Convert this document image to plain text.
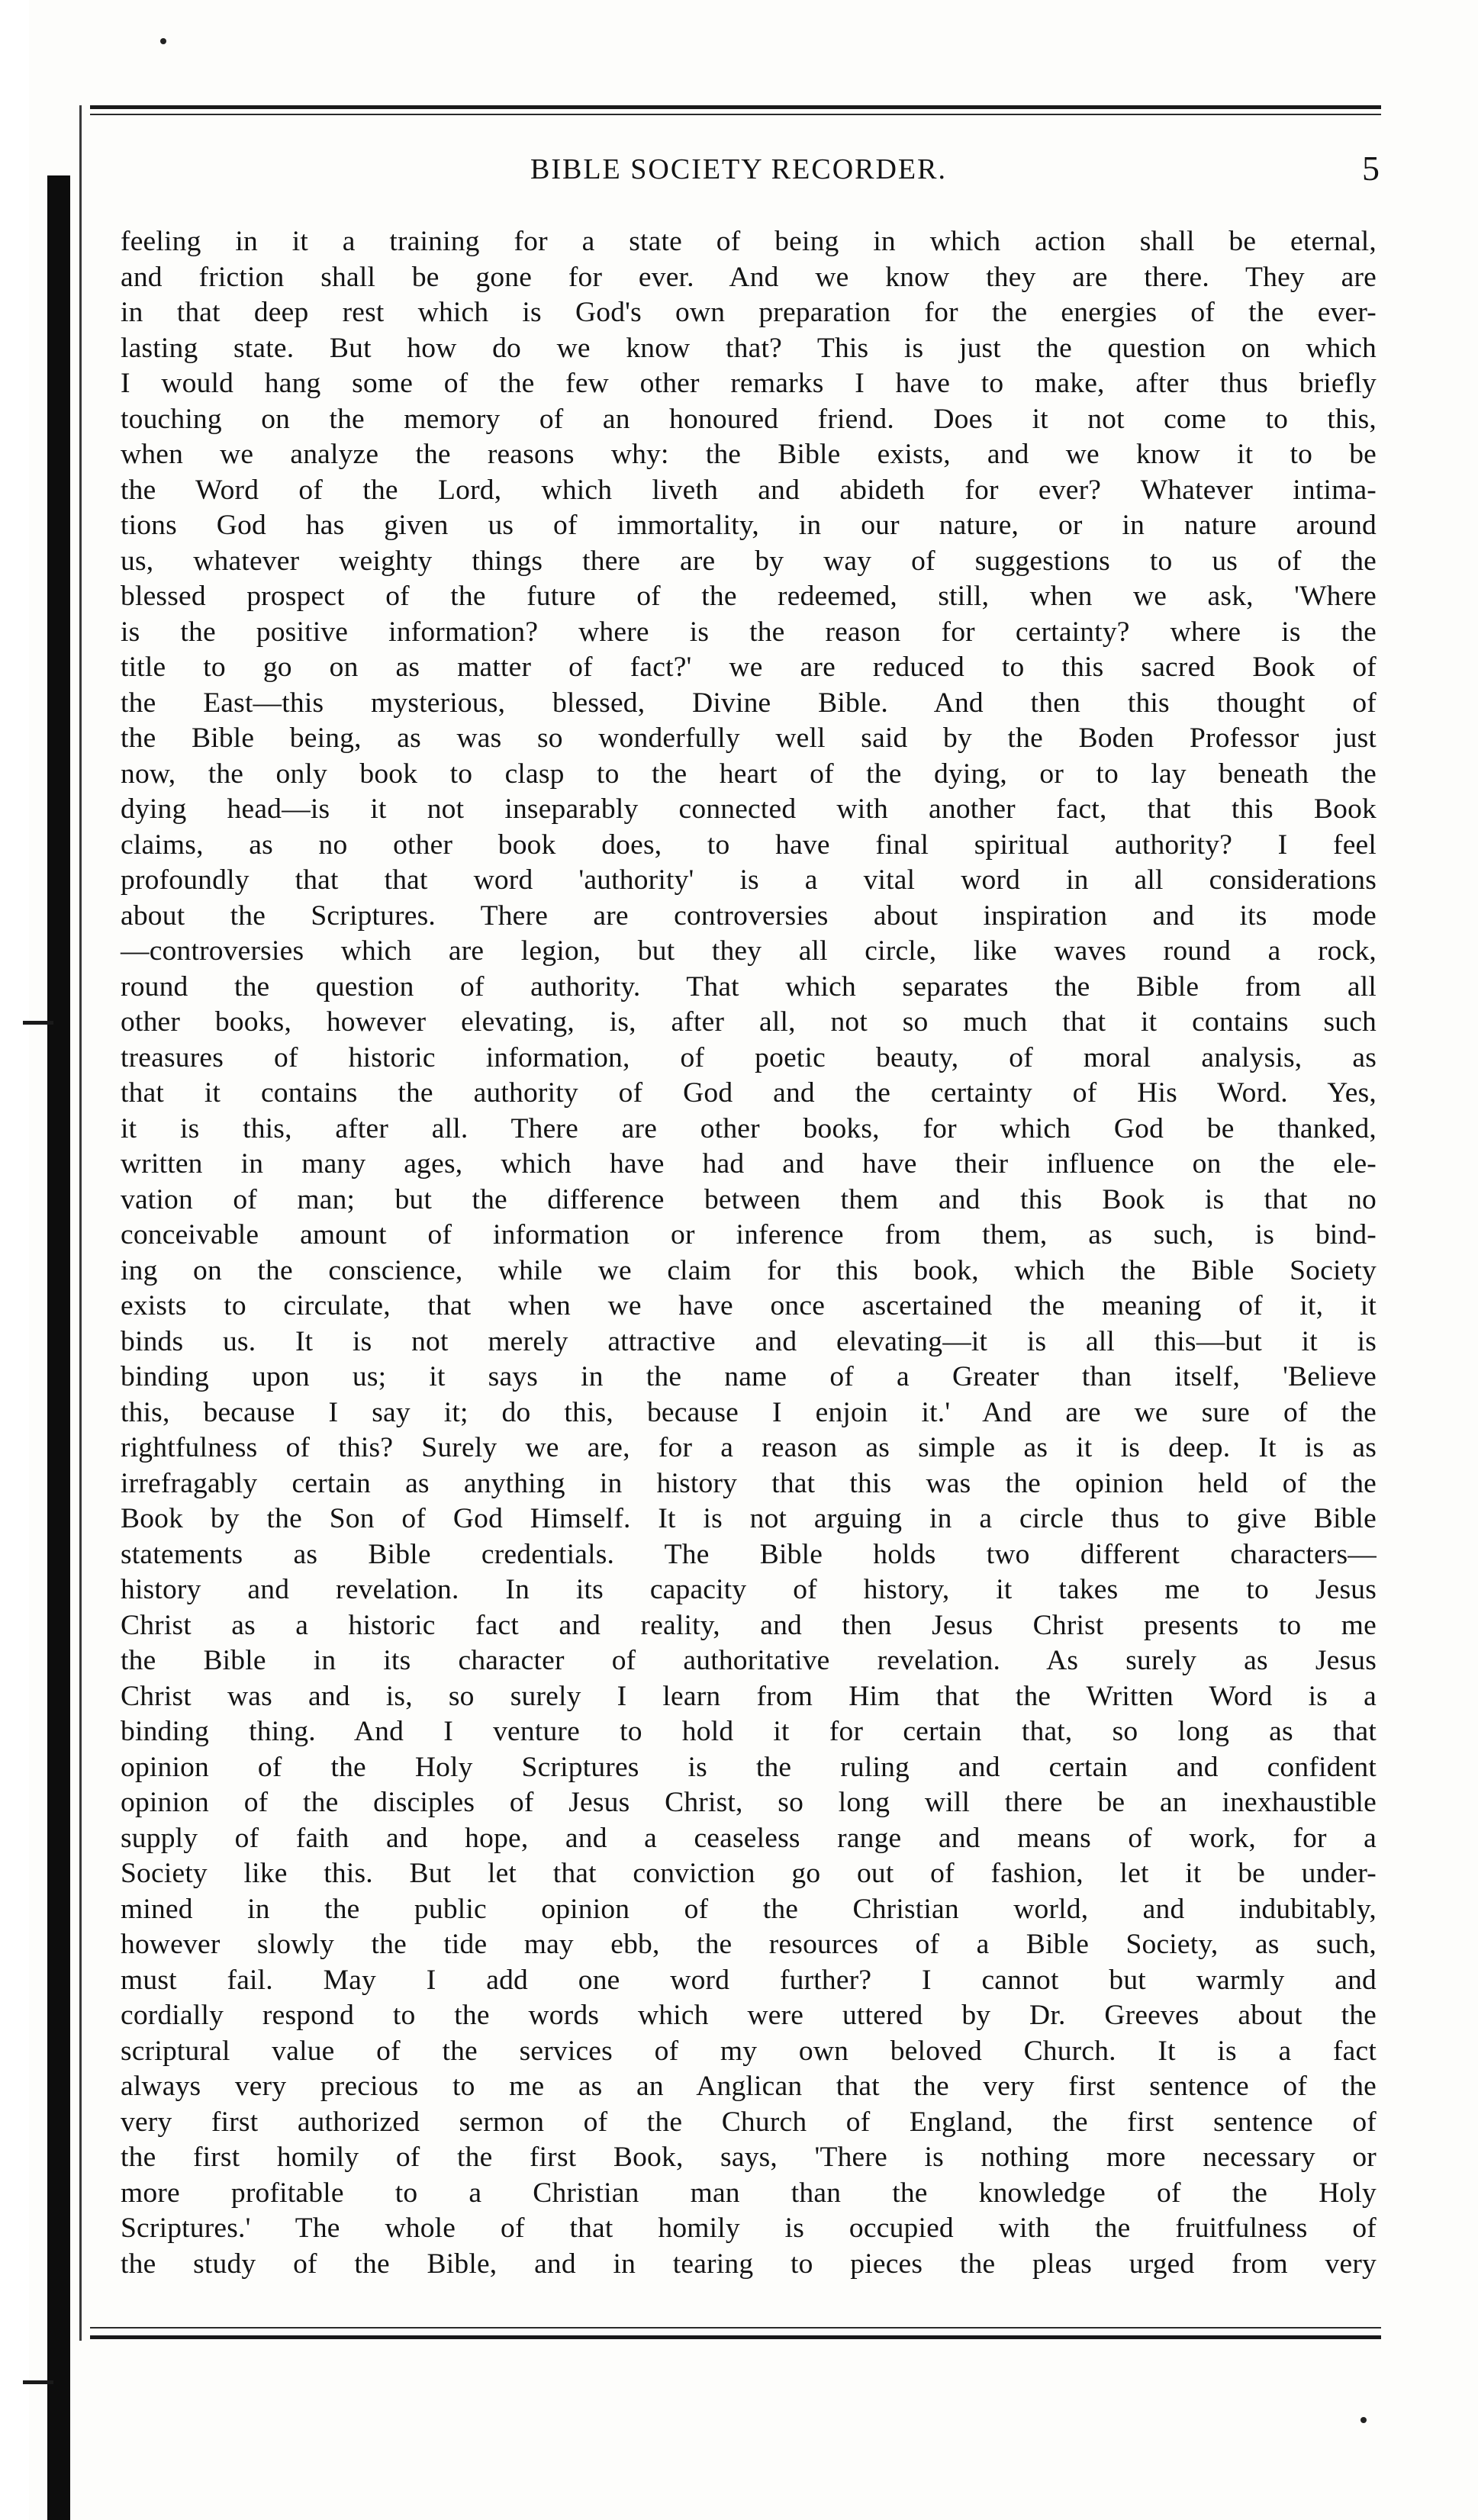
BIBLE SOCIETY RECORDER.	5
feeling in it a training for a state of being in which action shall be eternal,
and friction shall be gone for ever. And we know they are there. They are
in that deep rest which is God's own preparation for the energies of the ever-
lasting state. But how do we know that? This is just the question on which
I would hang some of the few other remarks I have to make, after thus briefly
touching on the memory of an honoured friend. Does it not come to this,
when we analyze the reasons why: the Bible exists, and we know it to be
the Word of the Lord, which liveth and abideth for ever? Whatever intima-
tions God has given us of immortality, in our nature, or in nature around
us, whatever weighty things there are by way of suggestions to us of the
blessed prospect of the future of the redeemed, still, when we ask, 'Where
is the positive information? where is the reason for certainty? where is the
title to go on as matter of fact?' we are reduced to this sacred Book of
the East—this mysterious, blessed, Divine Bible. And then this thought of
the Bible being, as was so wonderfully well said by the Boden Professor just
now, the only book to clasp to the heart of the dying, or to lay beneath the
dying head—is it not inseparably connected with another fact, that this Book
claims, as no other book does, to have final spiritual authority? I feel
profoundly that that word 'authority' is a vital word in all considerations
about the Scriptures. There are controversies about inspiration and its mode
—controversies which are legion, but they all circle, like waves round a rock,
round the question of authority. That which separates the Bible from all
other books, however elevating, is, after all, not so much that it contains such
treasures of historic information, of poetic beauty, of moral analysis, as
that it contains the authority of God and the certainty of His Word. Yes,
it is this, after all. There are other books, for which God be thanked,
written in many ages, which have had and have their influence on the ele-
vation of man; but the difference between them and this Book is that no
conceivable amount of information or inference from them, as such, is bind-
ing on the conscience, while we claim for this book, which the Bible Society
exists to circulate, that when we have once ascertained the meaning of it, it
binds us. It is not merely attractive and elevating—it is all this—but it is
binding upon us; it says in the name of a Greater than itself, 'Believe
this, because I say it; do this, because I enjoin it.' And are we sure of the
rightfulness of this? Surely we are, for a reason as simple as it is deep. It is as
irrefragably certain as anything in history that this was the opinion held of the
Book by the Son of God Himself. It is not arguing in a circle thus to give Bible
statements as Bible credentials. The Bible holds two different characters—
history and revelation. In its capacity of history, it takes me to Jesus
Christ as a historic fact and reality, and then Jesus Christ presents to me
the Bible in its character of authoritative revelation. As surely as Jesus
Christ was and is, so surely I learn from Him that the Written Word is a
binding thing. And I venture to hold it for certain that, so long as that
opinion of the Holy Scriptures is the ruling and certain and confident
opinion of the disciples of Jesus Christ, so long will there be an inexhaustible
supply of faith and hope, and a ceaseless range and means of work, for a
Society like this. But let that conviction go out of fashion, let it be under-
mined in the public opinion of the Christian world, and indubitably,
however slowly the tide may ebb, the resources of a Bible Society, as such,
must fail. May I add one word further? I cannot but warmly and
cordially respond to the words which were uttered by Dr. Greeves about the
scriptural value of the services of my own beloved Church. It is a fact
always very precious to me as an Anglican that the very first sentence of the
very first authorized sermon of the Church of England, the first sentence of
the first homily of the first Book, says, 'There is nothing more necessary or
more profitable to a Christian man than the knowledge of the Holy
Scriptures.' The whole of that homily is occupied with the fruitfulness of
the study of the Bible, and in tearing to pieces the pleas urged from very
